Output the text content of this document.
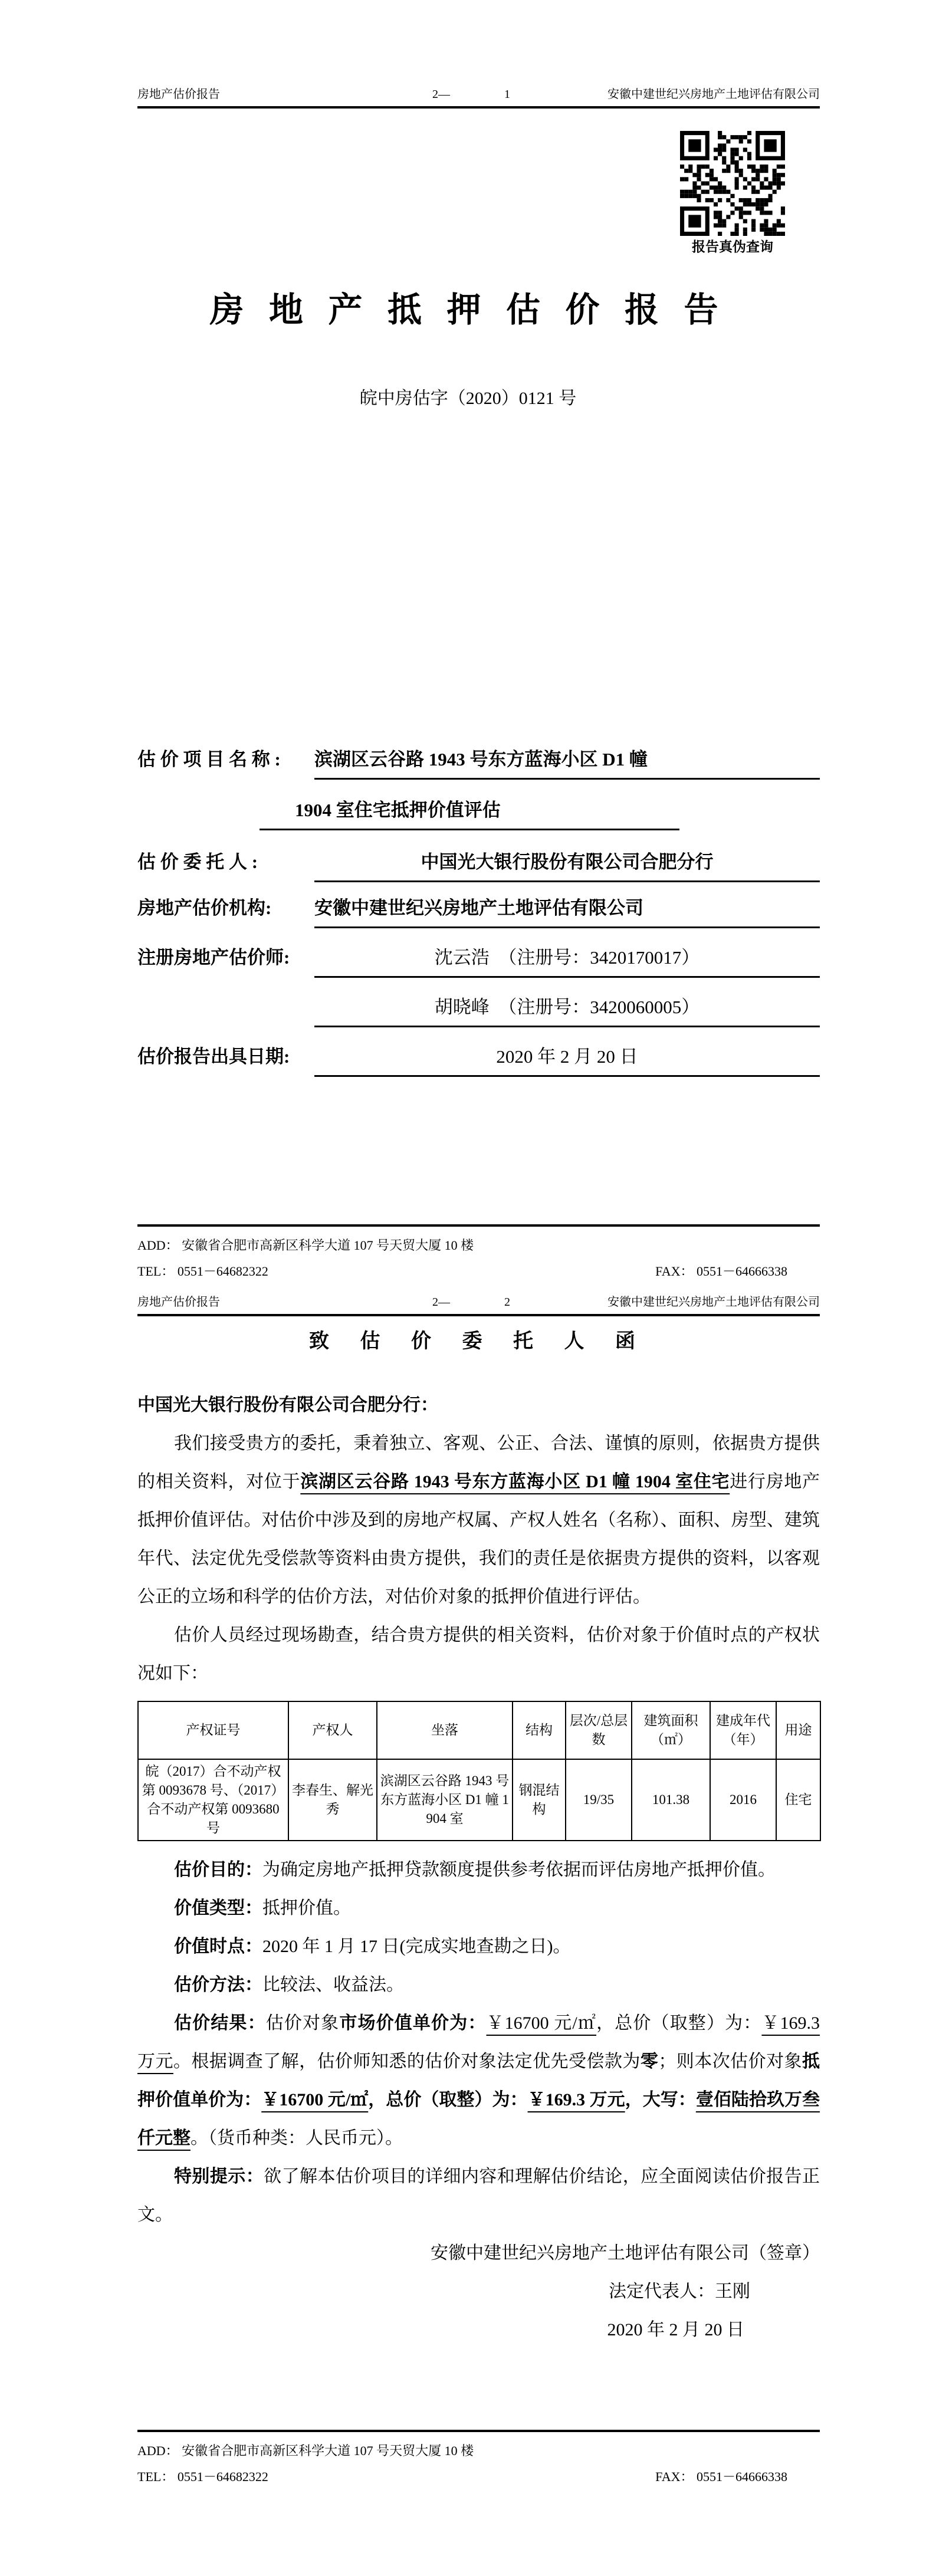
房地产估价报告	2—	1	安徽中建世纪兴房地产土地评估有限公司
报告真伪查询
房 地 产 抵 押 估 价 报 告
皖中房估字（2020）0121 号
估 价 项 目 名 称 :	滨湖区云谷路 1943 号东方蓝海小区 D1 幢
1904 室住宅抵押价值评估
估 价 委 托 人 :	中国光大银行股份有限公司合肥分行
房地产估价机构:	安徽中建世纪兴房地产土地评估有限公司
注册房地产估价师:	沈云浩　（注册号：3420170017）
胡晓峰　（注册号：3420060005）
估价报告出具日期:	2020 年 2 月 20 日
ADD： 安徽省合肥市高新区科学大道 107 号天贸大厦 10 楼
TEL： 0551－64682322	FAX： 0551－64666338
房地产估价报告	2—	2	安徽中建世纪兴房地产土地评估有限公司

致 估 价 委 托 人 函

中国光大银行股份有限公司合肥分行：

我们接受贵方的委托，秉着独立、客观、公正、合法、谨慎的原则，依据贵方提供的相关资料，对位于滨湖区云谷路 1943 号东方蓝海小区 D1 幢 1904 室住宅进行房地产抵押价值评估。对估价中涉及到的房地产权属、产权人姓名（名称）、面积、房型、建筑年代、法定优先受偿款等资料由贵方提供，我们的责任是依据贵方提供的资料，以客观公正的立场和科学的估价方法，对估价对象的抵押价值进行评估。

估价人员经过现场勘查，结合贵方提供的相关资料，估价对象于价值时点的产权状况如下：

产权证号	产权人	坐落	结构	层次/总层数	建筑面积（㎡）	建成年代（年）	用途
皖（2017）合不动产权第 0093678 号、（2017）合不动产权第 0093680 号	李春生、解光秀	滨湖区云谷路 1943 号东方蓝海小区 D1 幢 1904 室	钢混结构	19/35	101.38	2016	住宅

估价目的：为确定房地产抵押贷款额度提供参考依据而评估房地产抵押价值。

价值类型：抵押价值。

价值时点：2020 年 1 月 17 日(完成实地查勘之日)。

估价方法：比较法、收益法。

估价结果：估价对象市场价值单价为：￥16700 元/㎡，总价（取整）为：￥169.3 万元。根据调查了解，估价师知悉的估价对象法定优先受偿款为零；则本次估价对象抵押价值单价为：￥16700 元/㎡，总价（取整）为：￥169.3 万元，大写：壹佰陆拾玖万叁仟元整。（货币种类：人民币元）。

特别提示：欲了解本估价项目的详细内容和理解估价结论，应全面阅读估价报告正文。

安徽中建世纪兴房地产土地评估有限公司（签章）

法定代表人：王刚

2020 年 2 月 20 日

ADD： 安徽省合肥市高新区科学大道 107 号天贸大厦 10 楼
TEL： 0551－64682322	FAX： 0551－64666338
